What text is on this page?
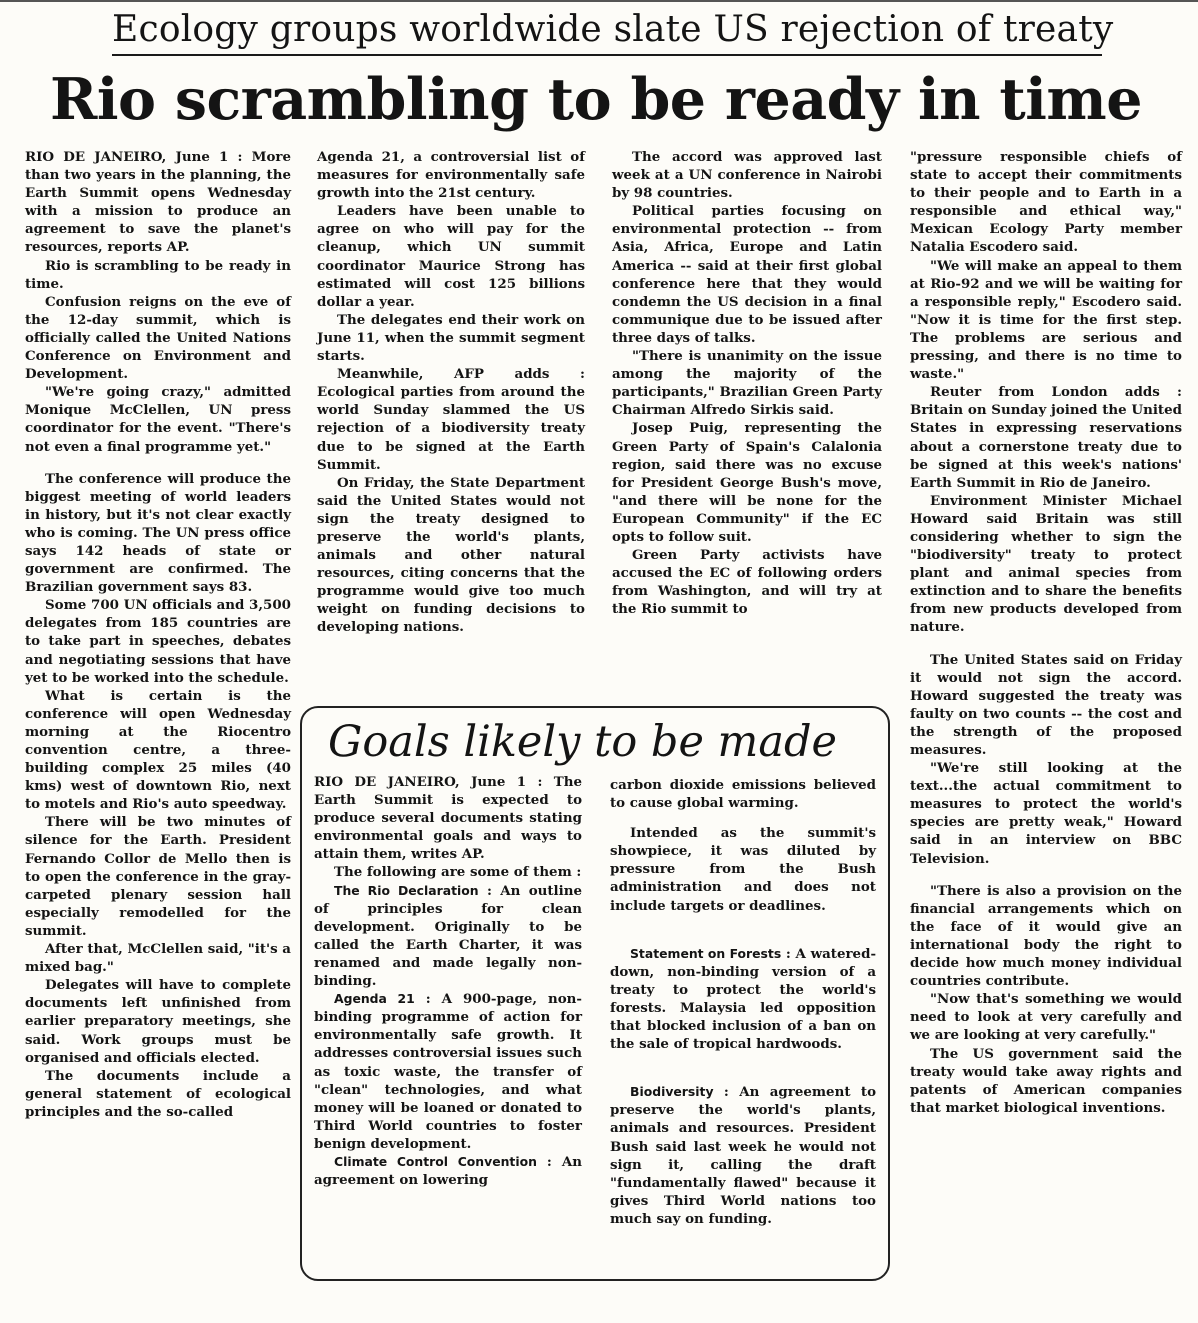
Ecology groups worldwide slate US rejection of treaty
Rio scrambling to be ready in time

RIO DE JANEIRO, June 1 : More than two years in the planning, the Earth Summit opens Wednesday with a mission to produce an agreement to save the planet's resources, reports AP.

Rio is scrambling to be ready in time.

Confusion reigns on the eve of the 12-day summit, which is officially called the United Nations Conference on Environment and Development.

"We're going crazy," admitted Monique McClellen, UN press coordinator for the event. "There's not even a final programme yet."

The conference will produce the biggest meeting of world leaders in history, but it's not clear exactly who is coming. The UN press office says 142 heads of state or government are confirmed. The Brazilian government says 83.

Some 700 UN officials and 3,500 delegates from 185 countries are to take part in speeches, debates and negotiating sessions that have yet to be worked into the schedule.

What is certain is the conference will open Wednesday morning at the Riocentro convention centre, a three-building complex 25 miles (40 kms) west of downtown Rio, next to motels and Rio's auto speedway.

There will be two minutes of silence for the Earth. President Fernando Collor de Mello then is to open the conference in the gray-carpeted plenary session hall especially remodelled for the summit.

After that, McClellen said, "it's a mixed bag."

Delegates will have to complete documents left unfinished from earlier preparatory meetings, she said. Work groups must be organised and officials elected.

The documents include a general statement of ecological principles and the so-called

Agenda 21, a controversial list of measures for environmentally safe growth into the 21st century.

Leaders have been unable to agree on who will pay for the cleanup, which UN summit coordinator Maurice Strong has estimated will cost 125 billions dollar a year.

The delegates end their work on June 11, when the summit segment starts.

Meanwhile, AFP adds : Ecological parties from around the world Sunday slammed the US rejection of a biodiversity treaty due to be signed at the Earth Summit.

On Friday, the State Department said the United States would not sign the treaty designed to preserve the world's plants, animals and other natural resources, citing concerns that the programme would give too much weight on funding decisions to developing nations.

The accord was approved last week at a UN conference in Nairobi by 98 countries.

Political parties focusing on environmental protection -- from Asia, Africa, Europe and Latin America -- said at their first global conference here that they would condemn the US decision in a final communique due to be issued after three days of talks.

"There is unanimity on the issue among the majority of the participants," Brazilian Green Party Chairman Alfredo Sirkis said.

Josep Puig, representing the Green Party of Spain's Calalonia region, said there was no excuse for President George Bush's move, "and there will be none for the European Community" if the EC opts to follow suit.

Green Party activists have accused the EC of following orders from Washington, and will try at the Rio summit to

"pressure responsible chiefs of state to accept their commitments to their people and to Earth in a responsible and ethical way," Mexican Ecology Party member Natalia Escodero said.

"We will make an appeal to them at Rio-92 and we will be waiting for a responsible reply," Escodero said. "Now it is time for the first step. The problems are serious and pressing, and there is no time to waste."

Reuter from London adds : Britain on Sunday joined the United States in expressing reservations about a cornerstone treaty due to be signed at this week's nations' Earth Summit in Rio de Janeiro.

Environment Minister Michael Howard said Britain was still considering whether to sign the "biodiversity" treaty to protect plant and animal species from extinction and to share the benefits from new products developed from nature.

The United States said on Friday it would not sign the accord. Howard suggested the treaty was faulty on two counts -- the cost and the strength of the proposed measures.

"We're still looking at the text...the actual commitment to measures to protect the world's species are pretty weak," Howard said in an interview on BBC Television.

"There is also a provision on the financial arrangements which on the face of it would give an international body the right to decide how much money individual countries contribute.

"Now that's something we would need to look at very carefully and we are looking at very carefully."

The US government said the treaty would take away rights and patents of American companies that market biological inventions.

Goals likely to be made

RIO DE JANEIRO, June 1 : The Earth Summit is expected to produce several documents stating environmental goals and ways to attain them, writes AP.

The following are some of them :

The Rio Declaration : An outline of principles for clean development. Originally to be called the Earth Charter, it was renamed and made legally non-binding.

Agenda 21 : A 900-page, non-binding programme of action for environmentally safe growth. It addresses controversial issues such as toxic waste, the transfer of "clean" technologies, and what money will be loaned or donated to Third World countries to foster benign development.

Climate Control Convention : An agreement on lowering

carbon dioxide emissions believed to cause global warming.

Intended as the summit's showpiece, it was diluted by pressure from the Bush administration and does not include targets or deadlines.

Statement on Forests : A watered-down, non-binding version of a treaty to protect the world's forests. Malaysia led opposition that blocked inclusion of a ban on the sale of tropical hardwoods.

Biodiversity : An agreement to preserve the world's plants, animals and resources. President Bush said last week he would not sign it, calling the draft "fundamentally flawed" because it gives Third World nations too much say on funding.
